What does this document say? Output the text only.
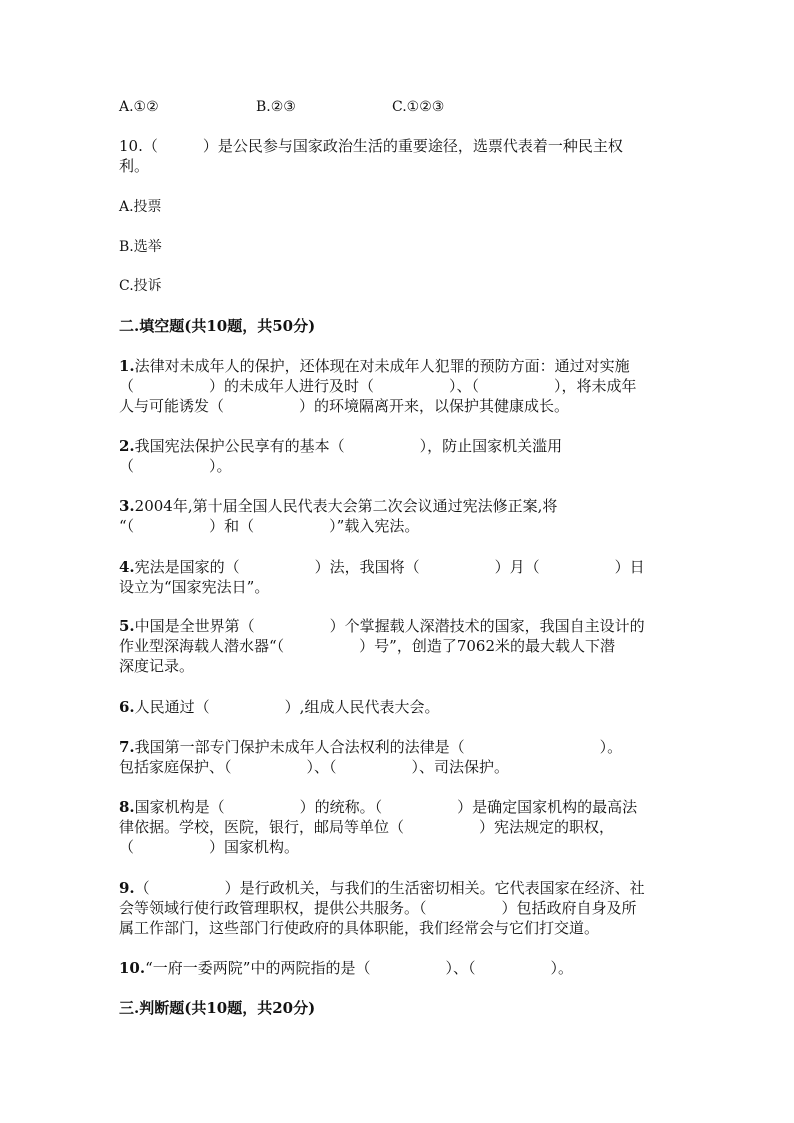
A.①②	B.②③	C.①②③
10.（　　　）是公民参与国家政治生活的重要途径，选票代表着一种民主权
利。
A.投票
B.选举
C.投诉
二.填空题(共10题，共50分)
1.法律对未成年人的保护，还体现在对未成年人犯罪的预防方面：通过对实施
（　　　　　）的未成年人进行及时（　　　　　）、（　　　　　），将未成年
人与可能诱发（　　　　　）的环境隔离开来，以保护其健康成长。
2.我国宪法保护公民享有的基本（　　　　　），防止国家机关滥用
（　　　　　）。
3.2004年,第十届全国人民代表大会第二次会议通过宪法修正案,将
“（　　　　　）和（　　　　　）”载入宪法。
4.宪法是国家的（　　　　　）法，我国将（　　　　　）月（　　　　　）日
设立为“国家宪法日”。
5.中国是全世界第（　　　　　）个掌握载人深潜技术的国家，我国自主设计的
作业型深海载人潜水器“（　　　　　）号”，创造了7062米的最大载人下潜
深度记录。
6.人民通过（　　　　　）,组成人民代表大会。
7.我国第一部专门保护未成年人合法权利的法律是（　　　　　　　　　）。
包括家庭保护、（　　　　　）、（　　　　　）、司法保护。
8.国家机构是（　　　　　）的统称。（　　　　　）是确定国家机构的最高法
律依据。学校，医院，银行，邮局等单位（　　　　　）宪法规定的职权，
（　　　　　）国家机构。
9.（　　　　　）是行政机关，与我们的生活密切相关。它代表国家在经济、社
会等领域行使行政管理职权，提供公共服务。（　　　　　）包括政府自身及所
属工作部门，这些部门行使政府的具体职能，我们经常会与它们打交道。
10.“一府一委两院”中的两院指的是（　　　　　）、（　　　　　）。
三.判断题(共10题，共20分)
